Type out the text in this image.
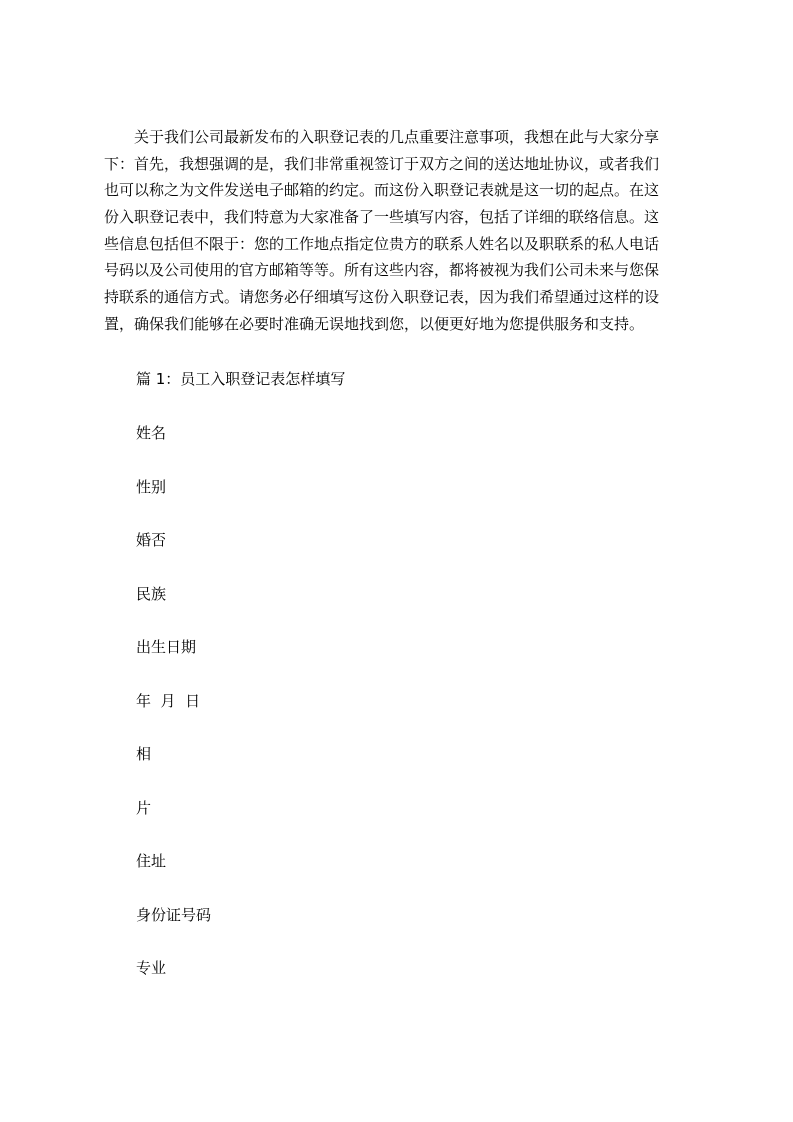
关于我们公司最新发布的入职登记表的几点重要注意事项，我想在此与大家分享
下：首先，我想强调的是，我们非常重视签订于双方之间的送达地址协议，或者我们
也可以称之为文件发送电子邮箱的约定。而这份入职登记表就是这一切的起点。在这
份入职登记表中，我们特意为大家准备了一些填写内容，包括了详细的联络信息。这
些信息包括但不限于：您的工作地点指定位贵方的联系人姓名以及职联系的私人电话
号码以及公司使用的官方邮箱等等。所有这些内容，都将被视为我们公司未来与您保
持联系的通信方式。请您务必仔细填写这份入职登记表，因为我们希望通过这样的设
置，确保我们能够在必要时准确无误地找到您，以便更好地为您提供服务和支持。

篇 1：员工入职登记表怎样填写

姓名
性别
婚否
民族
出生日期
年  月  日
相
片
住址
身份证号码
专业
